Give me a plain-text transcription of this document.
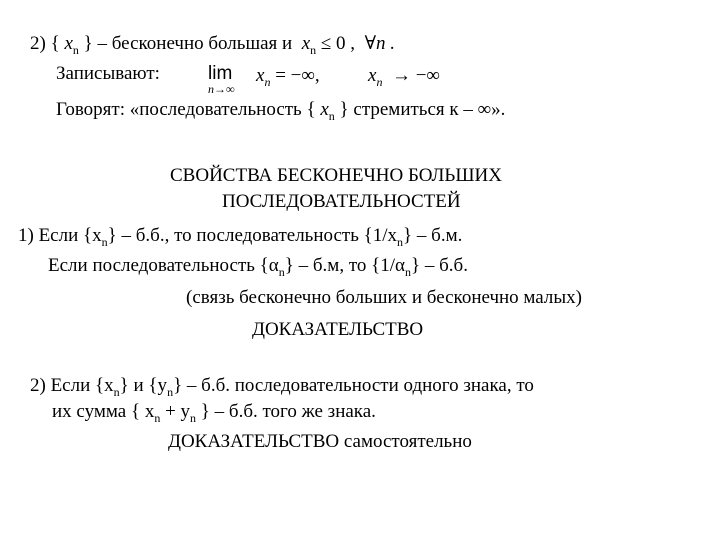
2) { $x_n$ } – бесконечно большая и $x_n \le 0$ , ∀n .
Записывают:	lim
n→∞
$x_n$ = −∞,	$x_n$ → −∞
Говорят: «последовательность { $x_n$ } стремиться к – ∞».
СВОЙСТВА БЕСКОНЕЧНО БОЛЬШИХ
ПОСЛЕДОВАТЕЛЬНОСТЕЙ
1) Если $\{x_n\} - б.б$., то последовательность $\{1/x_n\} - б.м$.
Если последовательность $\{\alpha_n\} - б.м$, то $\{1/\alpha_n\} - б.б$.
(связь бесконечно больших и бесконечно малых)
ДОКАЗАТЕЛЬСТВО
2) Если $\{x_n\}$ и $\{y_n\} - б.б$. последовательности одного знака, то
их сумма { $x_n + y_n$ } – б.б. того же знака.
ДОКАЗАТЕЛЬСТВО самостоятельно
